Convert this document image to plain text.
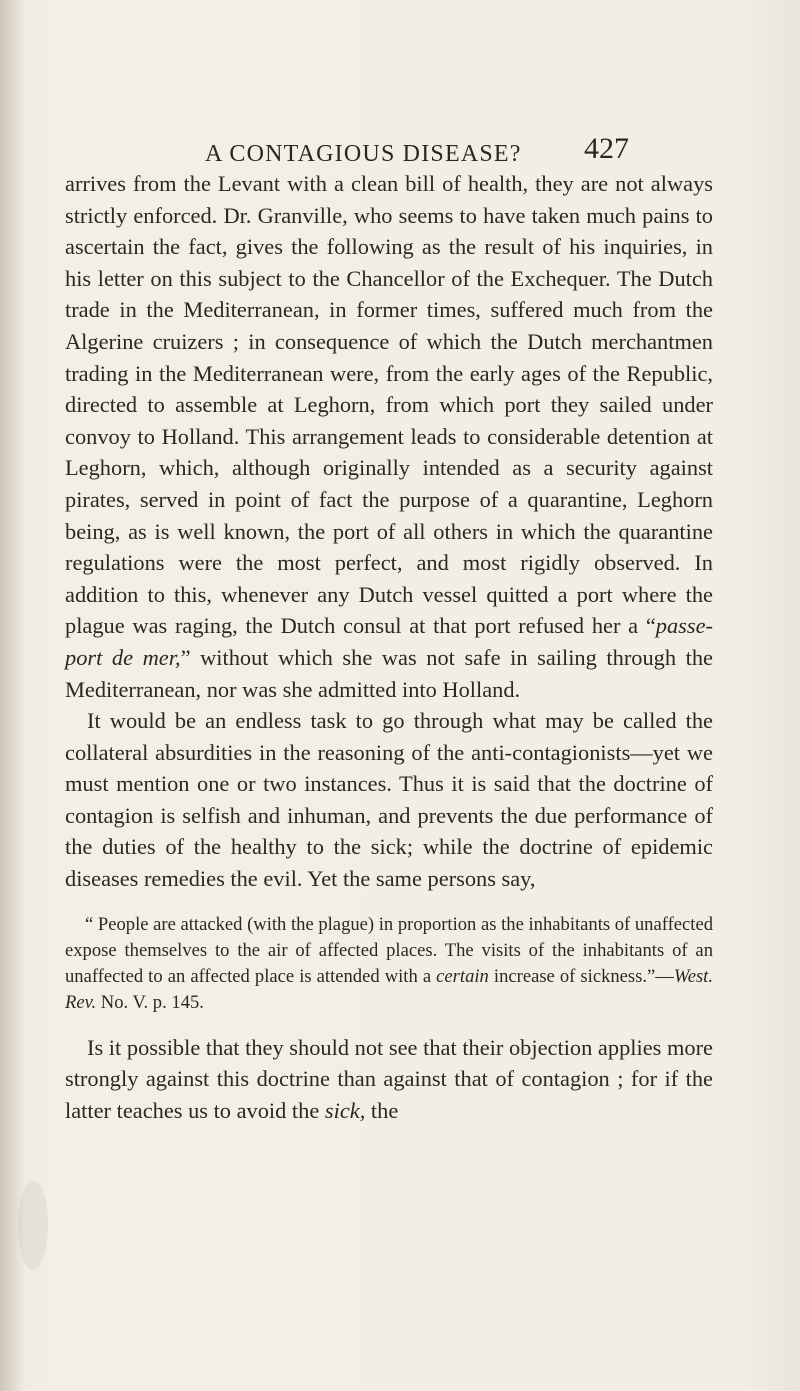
A CONTAGIOUS DISEASE? 427

arrives from the Levant with a clean bill of health, they are not always strictly enforced. Dr. Granville, who seems to have taken much pains to ascertain the fact, gives the following as the result of his inquiries, in his letter on this subject to the Chancellor of the Exchequer. The Dutch trade in the Mediterranean, in former times, suffered much from the Algerine cruizers ; in consequence of which the Dutch merchantmen trading in the Mediterranean were, from the early ages of the Republic, directed to assemble at Leghorn, from which port they sailed under convoy to Holland. This arrangement leads to considerable detention at Leghorn, which, although originally intended as a security against pirates, served in point of fact the purpose of a quarantine, Leghorn being, as is well known, the port of all others in which the quarantine regulations were the most perfect, and most rigidly observed. In addition to this, whenever any Dutch vessel quitted a port where the plague was raging, the Dutch consul at that port refused her a “passe-port de mer,” without which she was not safe in sailing through the Mediterranean, nor was she admitted into Holland.

It would be an endless task to go through what may be called the collateral absurdities in the reasoning of the anti-contagionists—yet we must mention one or two instances. Thus it is said that the doctrine of contagion is selfish and inhuman, and prevents the due performance of the duties of the healthy to the sick; while the doctrine of epidemic diseases remedies the evil. Yet the same persons say,

“ People are attacked (with the plague) in proportion as the inhabitants of unaffected expose themselves to the air of affected places. The visits of the inhabitants of an unaffected to an affected place is attended with a certain increase of sickness.”—West. Rev. No. V. p. 145.

Is it possible that they should not see that their objection applies more strongly against this doctrine than against that of contagion ; for if the latter teaches us to avoid the sick, the
